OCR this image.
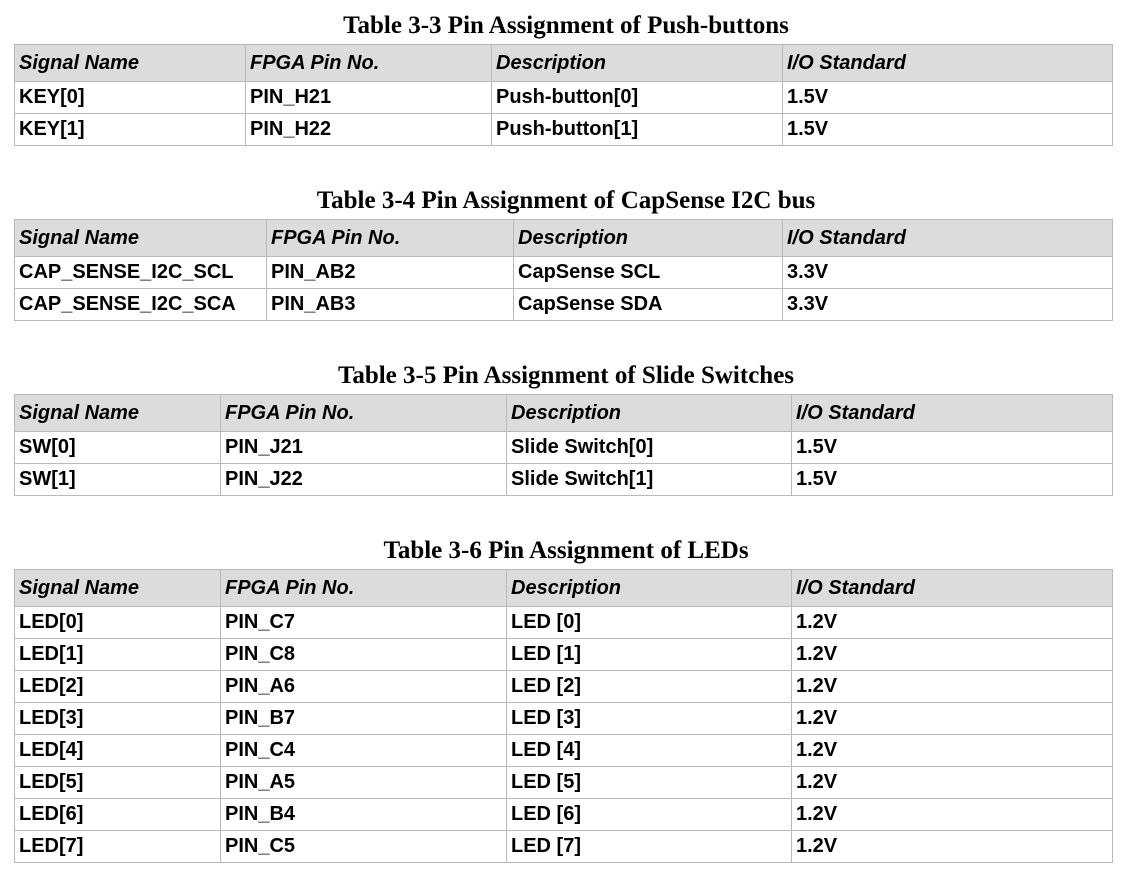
Table 3-3 Pin Assignment of Push-buttons
Signal Name	FPGA Pin No.	Description	I/O Standard
KEY[0]	PIN_H21	Push-button[0]	1.5V
KEY[1]	PIN_H22	Push-button[1]	1.5V
Table 3-4 Pin Assignment of CapSense I2C bus
Signal Name	FPGA Pin No.	Description	I/O Standard
CAP_SENSE_I2C_SCL	PIN_AB2	CapSense SCL	3.3V
CAP_SENSE_I2C_SCA	PIN_AB3	CapSense SDA	3.3V
Table 3-5 Pin Assignment of Slide Switches
Signal Name	FPGA Pin No.	Description	I/O Standard
SW[0]	PIN_J21	Slide Switch[0]	1.5V
SW[1]	PIN_J22	Slide Switch[1]	1.5V
Table 3-6 Pin Assignment of LEDs
Signal Name	FPGA Pin No.	Description	I/O Standard
LED[0]	PIN_C7	LED [0]	1.2V
LED[1]	PIN_C8	LED [1]	1.2V
LED[2]	PIN_A6	LED [2]	1.2V
LED[3]	PIN_B7	LED [3]	1.2V
LED[4]	PIN_C4	LED [4]	1.2V
LED[5]	PIN_A5	LED [5]	1.2V
LED[6]	PIN_B4	LED [6]	1.2V
LED[7]	PIN_C5	LED [7]	1.2V
